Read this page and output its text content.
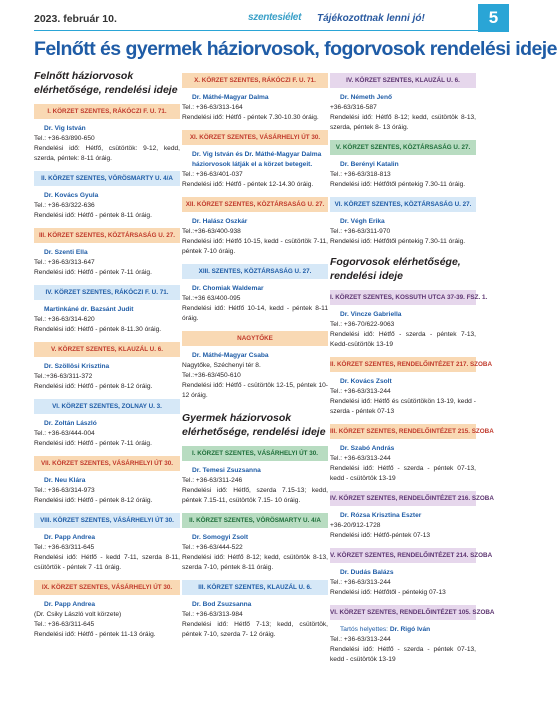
2023. február 10.	szentesiélet Tájékozottnak lenni jó!	5
Felnőtt és gyermek háziorvosok, fogorvosok rendelési ideje
Felnőtt háziorvosok elérhetősége, rendelési ideje
I. KÖRZET SZENTES, RÁKÓCZI F. U. 71.
Dr. Vig István
Tel.: +36-63/890-650
Rendelési idő: Hétfő, csütörtök: 9-12, kedd, szerda, péntek: 8-11 óráig.
II. KÖRZET SZENTES, VÖRÖSMARTY U. 4/A
Dr. Kovács Gyula
Tel.: +36-63/322-636
Rendelési idő: Hétfő - péntek 8-11 óráig.
III. KÖRZET SZENTES, KÖZTÁRSASÁG U. 27.
Dr. Szenti Ella
Tel.: +36-63/313-647
Rendelési idő: Hétfő - péntek 7-11 óráig.
IV. KÖRZET SZENTES, RÁKÓCZI F. U. 71.
Martinkáné dr. Bazsánt Judit
Tel.: +36-63/314-620
Rendelési idő: Hétfő - péntek 8-11.30 óráig.
V. KÖRZET SZENTES, KLAUZÁL U. 6.
Dr. Szöllösi Krisztina
Tel.:+36-63/311-372
Rendelési idő: Hétfő - péntek 8-12 óráig.
VI. KÖRZET SZENTES, ZOLNAY U. 3.
Dr. Zoltán László
Tel.: +36-63/444-004
Rendelési idő: Hétfő - péntek 7-11 óráig.
VII. KÖRZET SZENTES, VÁSÁRHELYI ÚT 30.
Dr. Neu Klára
Tel.: +36-63/314-973
Rendelési idő: Hétfő - péntek 8-12 óráig.
VIII. KÖRZET SZENTES, VÁSÁRHELYI ÚT 30.
Dr. Papp Andrea
Tel.: +36-63/311-645
Rendelési idő: Hétfő - kedd 7-11, szerda 8-11, csütörtök - péntek 7 -11 óráig.
IX. KÖRZET SZENTES, VÁSÁRHELYI ÚT 30.
Dr. Papp Andrea
(Dr. Csiky László volt körzete)
Tel.: +36-63/311-645
Rendelési idő: Hétfő - péntek 11-13 óráig.
X. KÖRZET SZENTES, RÁKÓCZI F. U. 71.
Dr. Máthé-Magyar Dalma
Tel.: +36-63/313-164
Rendelési idő: Hétfő - péntek 7.30-10.30 óráig.
XI. KÖRZET SZENTES, VÁSÁRHELYI ÚT 30.
Dr. Vig István és Dr. Máthé-Magyar Dalma háziorvosok látják el a körzet betegeit.
Tel.: +36-63/401-037
Rendelési idő: Hétfő - péntek 12-14.30 óráig.
XII. KÖRZET SZENTES, KÖZTÁRSASÁG U. 27.
Dr. Halász Oszkár
Tel.:+36-63/400-938
Rendelési idő: Hétfő 10-15, kedd - csütörtök 7-11, péntek 7-10 óráig.
XIII. SZENTES, KÖZTÁRSASÁG U. 27.
Dr. Chomiak Waldemar
Tel.:+36 63/400-095
Rendelési idő: Hétfő 10-14, kedd - péntek 8-11 óráig.
NAGYTŐKE
Dr. Máthé-Magyar Csaba
Nagytőke, Széchenyi tér 8.
Tel.:+36-63/450-610
Rendelési idő: Hétfő - csütörtök 12-15, péntek 10-12 óráig.
Gyermek háziorvosok elérhetősége, rendelési ideje
I. KÖRZET SZENTES, VÁSÁRHELYI ÚT 30.
Dr. Temesi Zsuzsanna
Tel.: +36-63/311-246
Rendelési idő: Hétfő, szerda 7.15-13; kedd, péntek 7.15-11, csütörtök 7.15- 10 óráig.
II. KÖRZET SZENTES, VÖRÖSMARTY U. 4/A
Dr. Somogyi Zsolt
Tel.: +36-63/444-522
Rendelési idő: Hétfő 8-12; kedd, csütörtök 8-13, szerda 7-10, péntek 8-11 óráig.
III. KÖRZET SZENTES, KLAUZÁL U. 6.
Dr. Bod Zsuzsanna
Tel.: +36-63/313-984
Rendelési idő: Hétfő 7-13; kedd, csütörtök, péntek 7-10, szerda 7- 12 óráig.
IV. KÖRZET SZENTES, KLAUZÁL U. 6.
Dr. Németh Jenő
+36-63/316-587
Rendelési idő: Hétfő 8-12; kedd, csütörtök 8-13, szerda, péntek 8- 13 óráig.
V. KÖRZET SZENTES, KÖZTÁRSASÁG U. 27.
Dr. Berényi Katalin
Tel.: +36-63/318-813
Rendelési idő: Hétfőtől péntekig 7.30-11 óráig.
VI. KÖRZET SZENTES, KÖZTÁRSASÁG U. 27.
Dr. Végh Erika
Tel.: +36-63/311-970
Rendelési idő: Hétfőtől péntekig 7.30-11 óráig.
Fogorvosok elérhetősége, rendelési ideje
I. KÖRZET SZENTES, KOSSUTH UTCA 37-39. FSZ. 1.
Dr. Vincze Gabriella
Tel.: +36-70/622-9063
Rendelési idő: Hétfő - szerda - péntek 7-13, Kedd-csütörtök 13-19
II. KÖRZET SZENTES, RENDELŐINTÉZET 217. SZOBA
Dr. Kovács Zsolt
Tel.: +36-63/313-244
Rendelési idő: Hétfő és csütörtökön 13-19, kedd - szerda - péntek 07-13
III. KÖRZET SZENTES, RENDELŐINTÉZET 215. SZOBA
Dr. Szabó András
Tel.: +36-63/313-244
Rendelési idő: Hétfő - szerda - péntek 07-13, kedd - csütörtök 13-19
IV. KÖRZET SZENTES, RENDELŐINTÉZET 216. SZOBA
Dr. Rózsa Krisztina Eszter
+36-20/912-1728
Rendelési idő: Hétfő-péntek 07-13
V. KÖRZET SZENTES, RENDELŐINTÉZET 214. SZOBA
Dr. Dudás Balázs
Tel.: +36-63/313-244
Rendelési idő: Hétfőtől - péntekig 07-13
VI. KÖRZET SZENTES, RENDELŐINTÉZET 105. SZOBA
Tartós helyettes: Dr. Rigó Iván
Tel.: +36-63/313-244
Rendelési idő: Hétfő - szerda - péntek 07-13, kedd - csütörtök 13-19
